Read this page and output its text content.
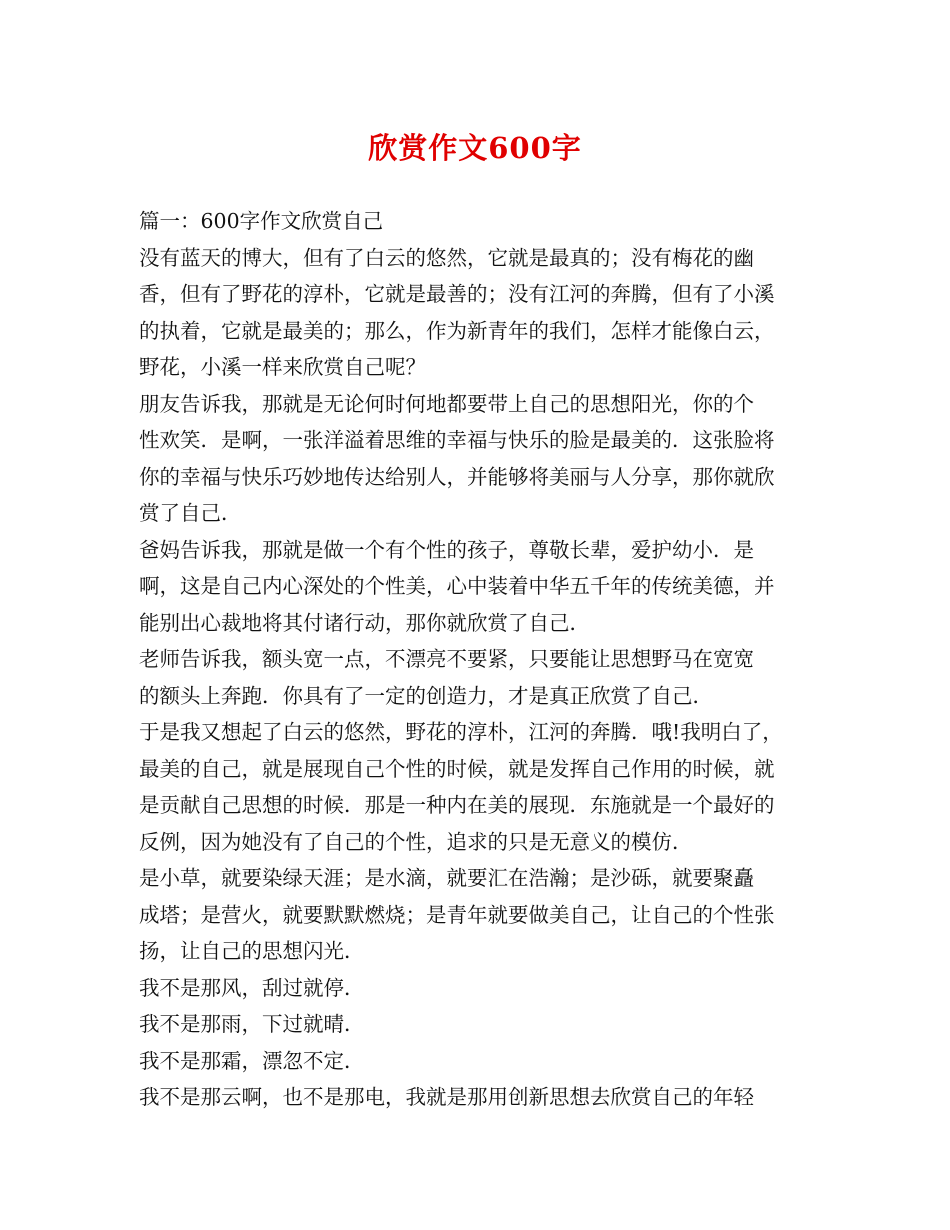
欣赏作文600字
篇一：600字作文欣赏自己
没有蓝天的博大，但有了白云的悠然，它就是最真的；没有梅花的幽
香，但有了野花的淳朴，它就是最善的；没有江河的奔腾，但有了小溪
的执着，它就是最美的；那么，作为新青年的我们，怎样才能像白云，
野花，小溪一样来欣赏自己呢？
朋友告诉我，那就是无论何时何地都要带上自己的思想阳光，你的个
性欢笑．是啊，一张洋溢着思维的幸福与快乐的脸是最美的．这张脸将
你的幸福与快乐巧妙地传达给别人，并能够将美丽与人分享，那你就欣
赏了自己．
爸妈告诉我，那就是做一个有个性的孩子，尊敬长辈，爱护幼小．是
啊，这是自己内心深处的个性美，心中装着中华五千年的传统美德，并
能别出心裁地将其付诸行动，那你就欣赏了自己．
老师告诉我，额头宽一点，不漂亮不要紧，只要能让思想野马在宽宽
的额头上奔跑．你具有了一定的创造力，才是真正欣赏了自己．
于是我又想起了白云的悠然，野花的淳朴，江河的奔腾．哦!我明白了，
最美的自己，就是展现自己个性的时候，就是发挥自己作用的时候，就
是贡献自己思想的时候．那是一种内在美的展现．东施就是一个最好的
反例，因为她没有了自己的个性，追求的只是无意义的模仿．
是小草，就要染绿天涯；是水滴，就要汇在浩瀚；是沙砾，就要聚矗
成塔；是营火，就要默默燃烧；是青年就要做美自己，让自己的个性张
扬，让自己的思想闪光．
我不是那风，刮过就停．
我不是那雨，下过就晴．
我不是那霜，漂忽不定．
我不是那云啊，也不是那电，我就是那用创新思想去欣赏自己的年轻
